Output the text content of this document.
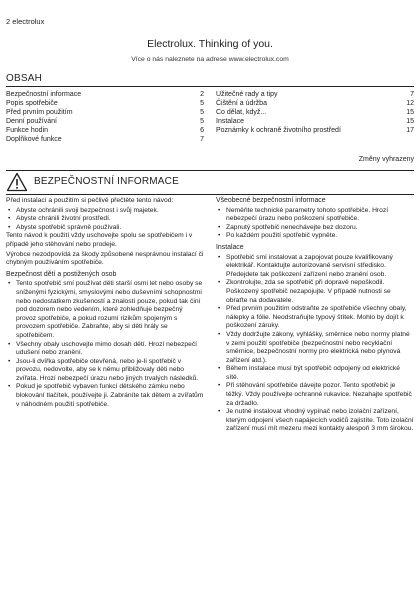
2 electrolux
Electrolux. Thinking of you.
Více o nás naleznete na adrese www.electrolux.com
OBSAH
Bezpečnostní informace	2
Popis spotřebiče	5
Před prvním použitím	5
Denní používání	5
Funkce hodin	6
Doplňkové funkce	7
Užitečné rady a tipy	7
Čištění a údržba	12
Co dělat, když...	15
Instalace	15
Poznámky k ochraně životního prostředí	17
Změny vyhrazeny
BEZPEČNOSTNÍ INFORMACE

Před instalací a použitím si pečlivě přečtěte tento návod:

• Abyste ochránili svoji bezpečnost i svůj majetek.
• Abyste chránili životní prostředí.
• Abyste spotřebič správně používali.

Tento návod k použití vždy uschovejte spolu se spotřebičem i v případě jeho stěhování nebo prodeje.

Výrobce nezodpovídá za škody způsobené nesprávnou instalací či chybným používáním spotřebiče.

Bezpečnost dětí a postižených osob
• Tento spotřebič smí používat děti starší osmi let nebo osoby se sníženými fyzickými, smyslovými nebo duševními schopnostmi nebo nedostatkem zkušeností a znalostí pouze, pokud tak činí pod dozorem nebo vedením, které zohledňuje bezpečný provoz spotřebiče, a pokud rozumí rizikům spojeným s provozem spotřebiče. Zabraňte, aby si děti hrály se spotřebičem.
• Všechny obaly uschovejte mimo dosah dětí. Hrozí nebezpečí udušení nebo zranění.
• Jsou-li dvířka spotřebiče otevřená, nebo je-li spotřebič v provozu, nedovolte, aby se k němu přibližovaly děti nebo zvířata. Hrozí nebezpečí úrazu nebo jiných trvalých následků.
• Pokud je spotřebič vybaven funkcí dětského zámku nebo blokování tlačítek, používejte ji. Zabráníte tak dětem a zvířatům v náhodném použití spotřebiče.
Všeobecné bezpečnostní informace
• Neměňte technické parametry tohoto spotřebiče. Hrozí nebezpečí úrazu nebo poškození spotřebiče.
• Zapnutý spotřebič nenechávejte bez dozoru.
• Po každém použití spotřebič vypněte.
Instalace
• Spotřebič smí instalovat a zapojovat pouze kvalifikovaný elektrikář. Kontaktujte autorizované servisní středisko. Předejdete tak poškození zařízení nebo zranění osob.
• Zkontrolujte, zda se spotřebič při dopravě nepoškodil. Poškozený spotřebič nezapojujte. V případě nutnosti se obraťte na dodavatele.
• Před prvním použitím odstraňte ze spotřebiče všechny obaly, nálepky a fólie. Neodstraňujte typový štítek. Mohlo by dojít k poškození záruky.
• Vždy dodržujte zákony, vyhlášky, směrnice nebo normy platné v zemi použití spotřebiče (bezpečnostní nebo recyklační směrnice, bezpečnostní normy pro elektrická nebo plynová zařízení atd.).
• Během instalace musí být spotřebič odpojený od elektrické sítě.
• Při stěhování spotřebiče dávejte pozor. Tento spotřebič je těžký. Vždy používejte ochranné rukavice. Nezahajte spotřebič za držadlo.
• Je nutné instalovat vhodný vypínač nebo izolační zařízení, kterým odpojení všech napájecích vodičů zajistíte. Toto izolační zařízení musí mít mezeru mezi kontakty alespoň 3 mm širokou.
